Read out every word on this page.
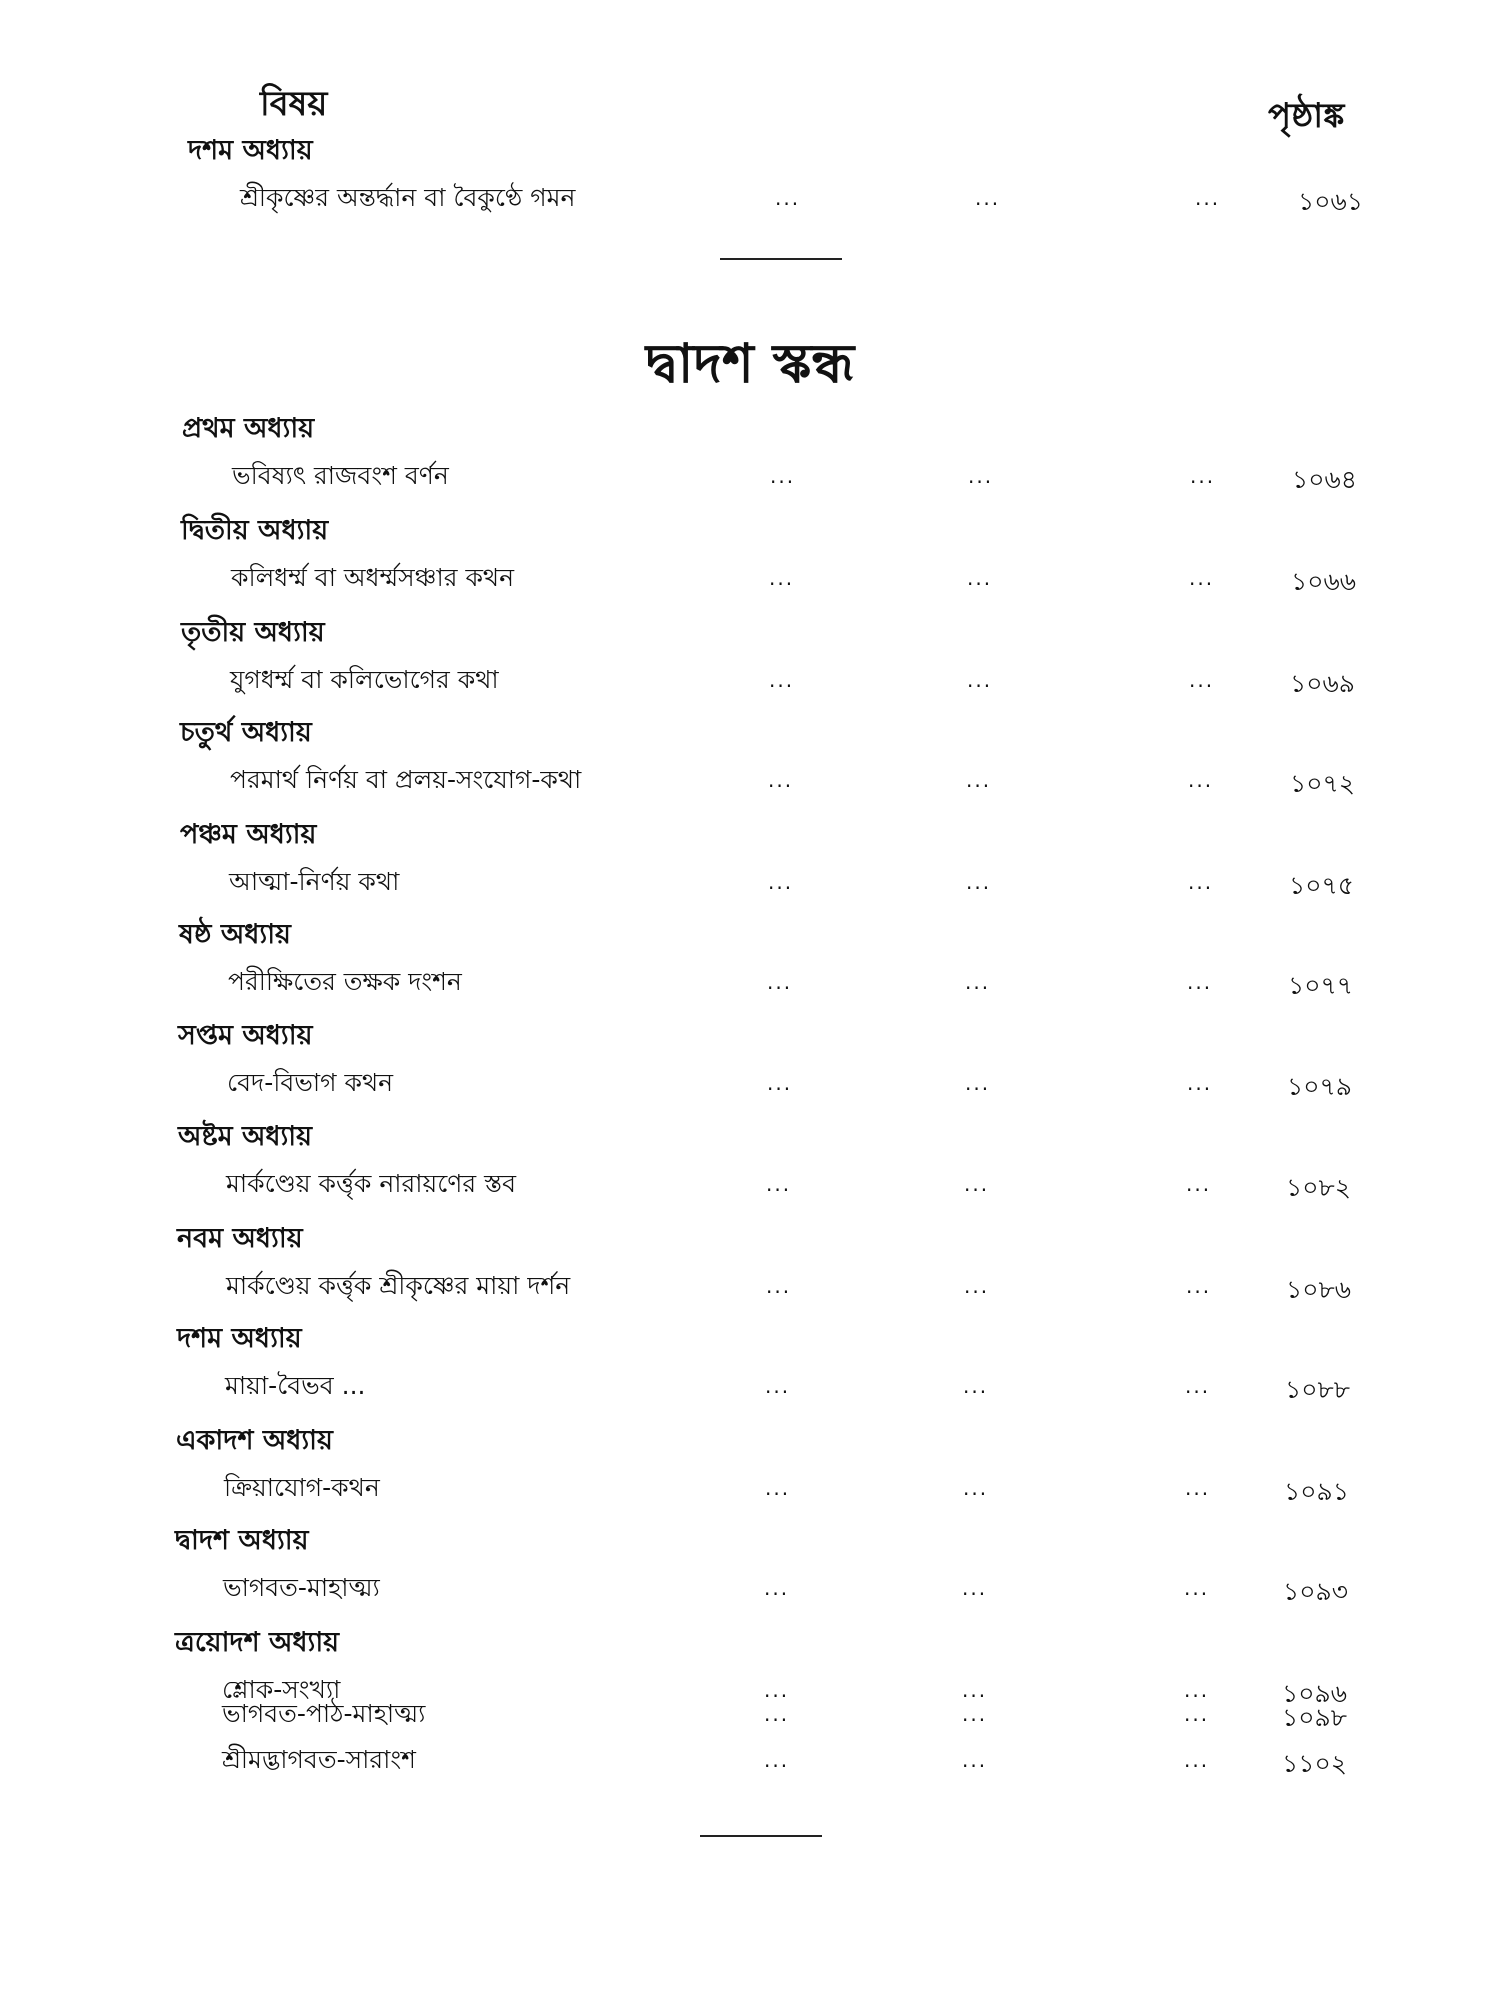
বিষয়	পৃষ্ঠাঙ্ক
দশম অধ্যায়
শ্রীকৃষ্ণের অন্তর্দ্ধান বা বৈকুণ্ঠে গমন	...	...	...	১০৬১
দ্বাদশ স্কন্ধ
প্রথম অধ্যায়
ভবিষ্যৎ রাজবংশ বর্ণন	...	...	...	১০৬৪
দ্বিতীয় অধ্যায়
কলিধর্ম্ম বা অধর্ম্মসঞ্চার কথন	...	...	...	১০৬৬
তৃতীয় অধ্যায়
যুগধর্ম্ম বা কলিভোগের কথা	...	...	...	১০৬৯
চতুর্থ অধ্যায়
পরমার্থ নির্ণয় বা প্রলয়-সংযোগ-কথা	...	...	...	১০৭২
পঞ্চম অধ্যায়
আত্মা-নির্ণয় কথা	...	...	...	১০৭৫
ষষ্ঠ অধ্যায়
পরীক্ষিতের তক্ষক দংশন	...	...	...	১০৭৭
সপ্তম অধ্যায়
বেদ-বিভাগ কথন	...	...	...	১০৭৯
অষ্টম অধ্যায়
মার্কণ্ডেয় কর্ত্তৃক নারায়ণের স্তব	...	...	...	১০৮২
নবম অধ্যায়
মার্কণ্ডেয় কর্ত্তৃক শ্রীকৃষ্ণের মায়া দর্শন	...	...	...	১০৮৬
দশম অধ্যায়
মায়া-বৈভব ...	...	...	...	১০৮৮
একাদশ অধ্যায়
ক্রিয়াযোগ-কথন	...	...	...	১০৯১
দ্বাদশ অধ্যায়
ভাগবত-মাহাত্ম্য	...	...	...	১০৯৩
ত্রয়োদশ অধ্যায়
শ্লোক-সংখ্যা	...	...	...	১০৯৬
ভাগবত-পাঠ-মাহাত্ম্য	...	...	...	১০৯৮
শ্রীমদ্ভাগবত-সারাংশ	...	...	...	১১০২
